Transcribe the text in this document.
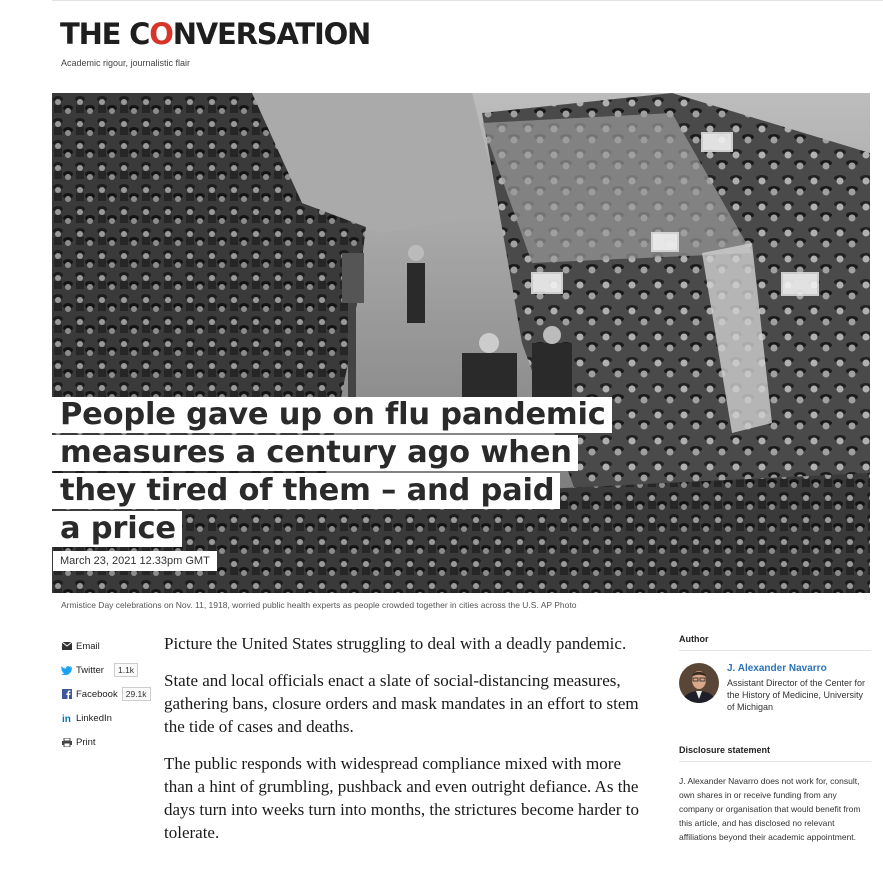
THE CONVERSATION
Academic rigour, journalistic flair
People gave up on flu pandemic
measures a century ago when
they tired of them – and paid
a price
March 23, 2021 12.33pm GMT
Armistice Day celebrations on Nov. 11, 1918, worried public health experts as people crowded together in cities across the U.S. AP Photo
Email
Twitter	1.1k
Facebook 29.1k
in LinkedIn
Print

Picture the United States struggling to deal with a deadly pandemic.

State and local officials enact a slate of social-distancing measures, gathering bans, closure orders and mask mandates in an effort to stem the tide of cases and deaths.

The public responds with widespread compliance mixed with more than a hint of grumbling, pushback and even outright defiance. As the days turn into weeks turn into months, the strictures become harder to tolerate.

Author
J. Alexander Navarro
Assistant Director of the Center for the History of Medicine, University of Michigan
Disclosure statement
J. Alexander Navarro does not work for, consult, own shares in or receive funding from any company or organisation that would benefit from this article, and has disclosed no relevant affiliations beyond their academic appointment.
